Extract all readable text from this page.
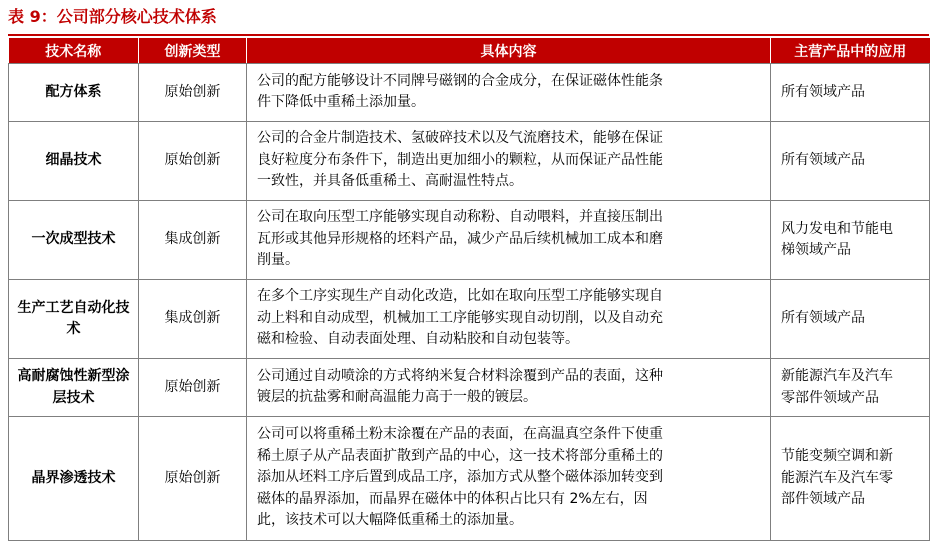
表 9：公司部分核心技术体系
技术名称	创新类型	具体内容	主营产品中的应用
配方体系	原始创新	公司的配方能够设计不同牌号磁钢的合金成分，在保证磁体性能条
件下降低中重稀土添加量。	所有领域产品
细晶技术	原始创新	公司的合金片制造技术、氢破碎技术以及气流磨技术，能够在保证
良好粒度分布条件下，制造出更加细小的颗粒，从而保证产品性能
一致性，并具备低重稀土、高耐温性特点。	所有领域产品
一次成型技术	集成创新	公司在取向压型工序能够实现自动称粉、自动喂料，并直接压制出
瓦形或其他异形规格的坯料产品，减少产品后续机械加工成本和磨
削量。	风力发电和节能电
梯领域产品
生产工艺自动化技术	集成创新	在多个工序实现生产自动化改造，比如在取向压型工序能够实现自
动上料和自动成型，机械加工工序能够实现自动切削，以及自动充
磁和检验、自动表面处理、自动粘胶和自动包装等。	所有领域产品
高耐腐蚀性新型涂层技术	原始创新	公司通过自动喷涂的方式将纳米复合材料涂覆到产品的表面，这种
镀层的抗盐雾和耐高温能力高于一般的镀层。	新能源汽车及汽车
零部件领域产品
晶界渗透技术	原始创新	公司可以将重稀土粉末涂覆在产品的表面，在高温真空条件下使重
稀土原子从产品表面扩散到产品的中心，这一技术将部分重稀土的
添加从坯料工序后置到成品工序，添加方式从整个磁体添加转变到
磁体的晶界添加，而晶界在磁体中的体积占比只有 2%左右，因
此，该技术可以大幅降低重稀土的添加量。	节能变频空调和新
能源汽车及汽车零
部件领域产品
